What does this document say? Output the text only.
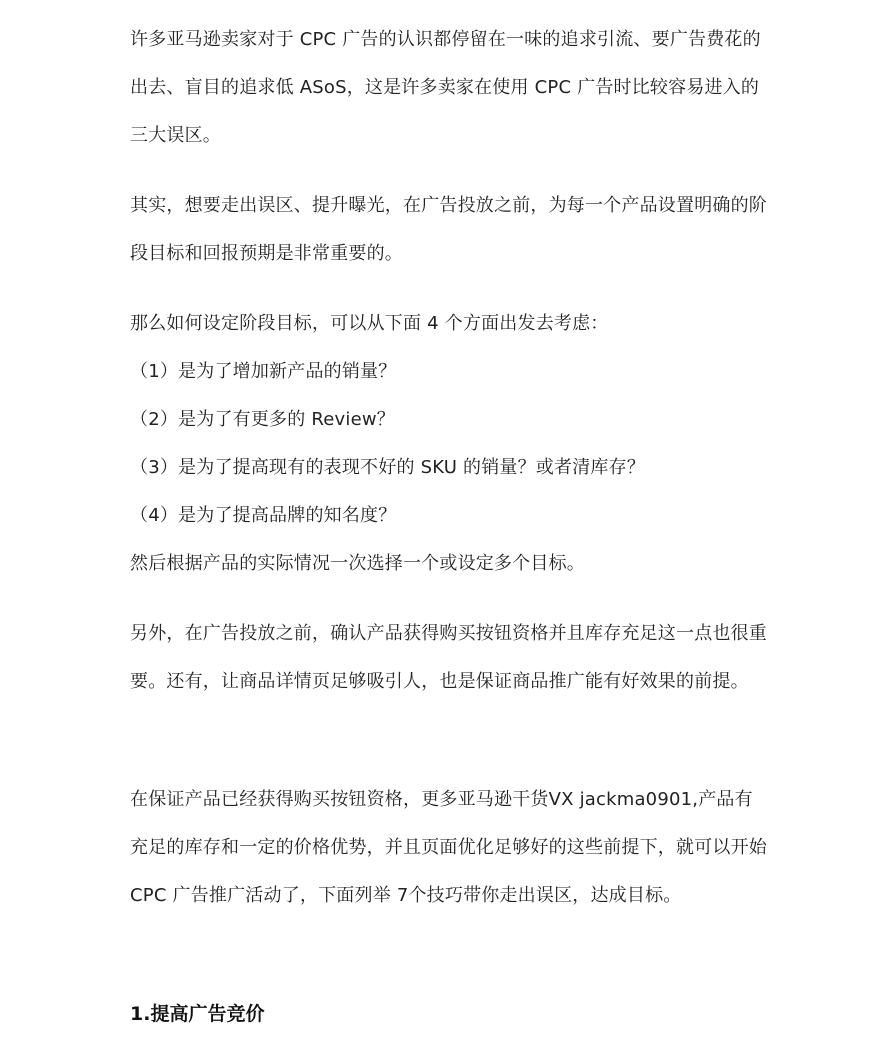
许多亚马逊卖家对于 CPC 广告的认识都停留在一味的追求引流、要广告费花的出去、盲目的追求低 ASoS，这是许多卖家在使用 CPC 广告时比较容易进入的三大误区。

其实，想要走出误区、提升曝光，在广告投放之前，为每一个产品设置明确的阶段目标和回报预期是非常重要的。

那么如何设定阶段目标，可以从下面 4 个方面出发去考虑：

（1）是为了增加新产品的销量？
（2）是为了有更多的 Review？
（3）是为了提高现有的表现不好的 SKU 的销量？或者清库存？
（4）是为了提高品牌的知名度？

然后根据产品的实际情况一次选择一个或设定多个目标。

另外，在广告投放之前，确认产品获得购买按钮资格并且库存充足这一点也很重要。还有，让商品详情页足够吸引人，也是保证商品推广能有好效果的前提。

在保证产品已经获得购买按钮资格，更多亚马逊干货VX jackma0901,产品有充足的库存和一定的价格优势，并且页面优化足够好的这些前提下，就可以开始 CPC 广告推广活动了，下面列举 7个技巧带你走出误区，达成目标。

1.提高广告竞价
